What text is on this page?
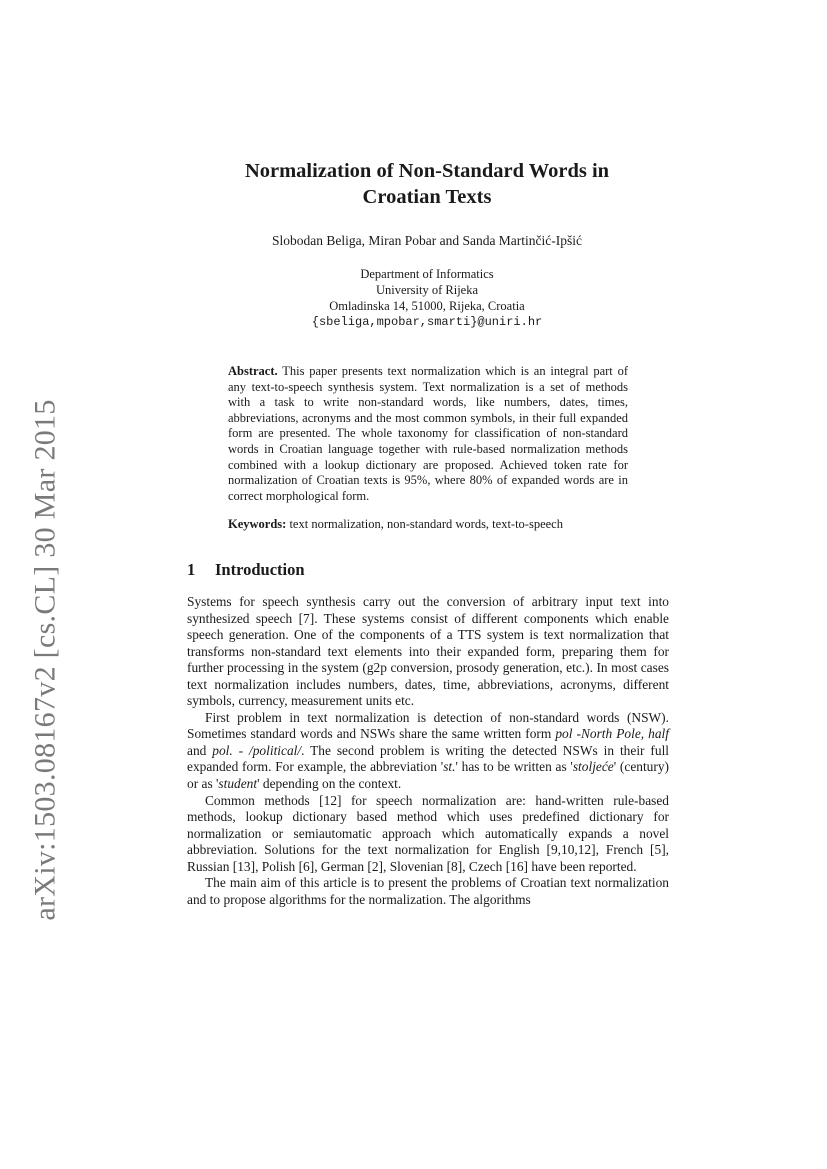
arXiv:1503.08167v2 [cs.CL] 30 Mar 2015
Normalization of Non-Standard Words in
Croatian Texts
Slobodan Beliga, Miran Pobar and Sanda Martinčić-Ipšić
Department of Informatics
University of Rijeka
Omladinska 14, 51000, Rijeka, Croatia
{sbeliga,mpobar,smarti}@uniri.hr
Abstract. This paper presents text normalization which is an integral part of any text-to-speech synthesis system. Text normalization is a set of methods with a task to write non-standard words, like numbers, dates, times, abbreviations, acronyms and the most common symbols, in their full expanded form are presented. The whole taxonomy for classification of non-standard words in Croatian language together with rule-based normalization methods combined with a lookup dictionary are proposed. Achieved token rate for normalization of Croatian texts is 95%, where 80% of expanded words are in correct morphological form.
Keywords: text normalization, non-standard words, text-to-speech
1 Introduction

Systems for speech synthesis carry out the conversion of arbitrary input text into synthesized speech [7]. These systems consist of different components which enable speech generation. One of the components of a TTS system is text normalization that transforms non-standard text elements into their expanded form, preparing them for further processing in the system (g2p conversion, prosody generation, etc.). In most cases text normalization includes numbers, dates, time, abbreviations, acronyms, different symbols, currency, measurement units etc.

First problem in text normalization is detection of non-standard words (NSW). Sometimes standard words and NSWs share the same written form pol -North Pole, half and pol. - /political/. The second problem is writing the detected NSWs in their full expanded form. For example, the abbreviation 'st.' has to be written as 'stoljeće' (century) or as 'student' depending on the context.

Common methods [12] for speech normalization are: hand-written rule-based methods, lookup dictionary based method which uses predefined dictionary for normalization or semiautomatic approach which automatically expands a novel abbreviation. Solutions for the text normalization for English [9,10,12], French [5], Russian [13], Polish [6], German [2], Slovenian [8], Czech [16] have been reported.

The main aim of this article is to present the problems of Croatian text normalization and to propose algorithms for the normalization. The algorithms
